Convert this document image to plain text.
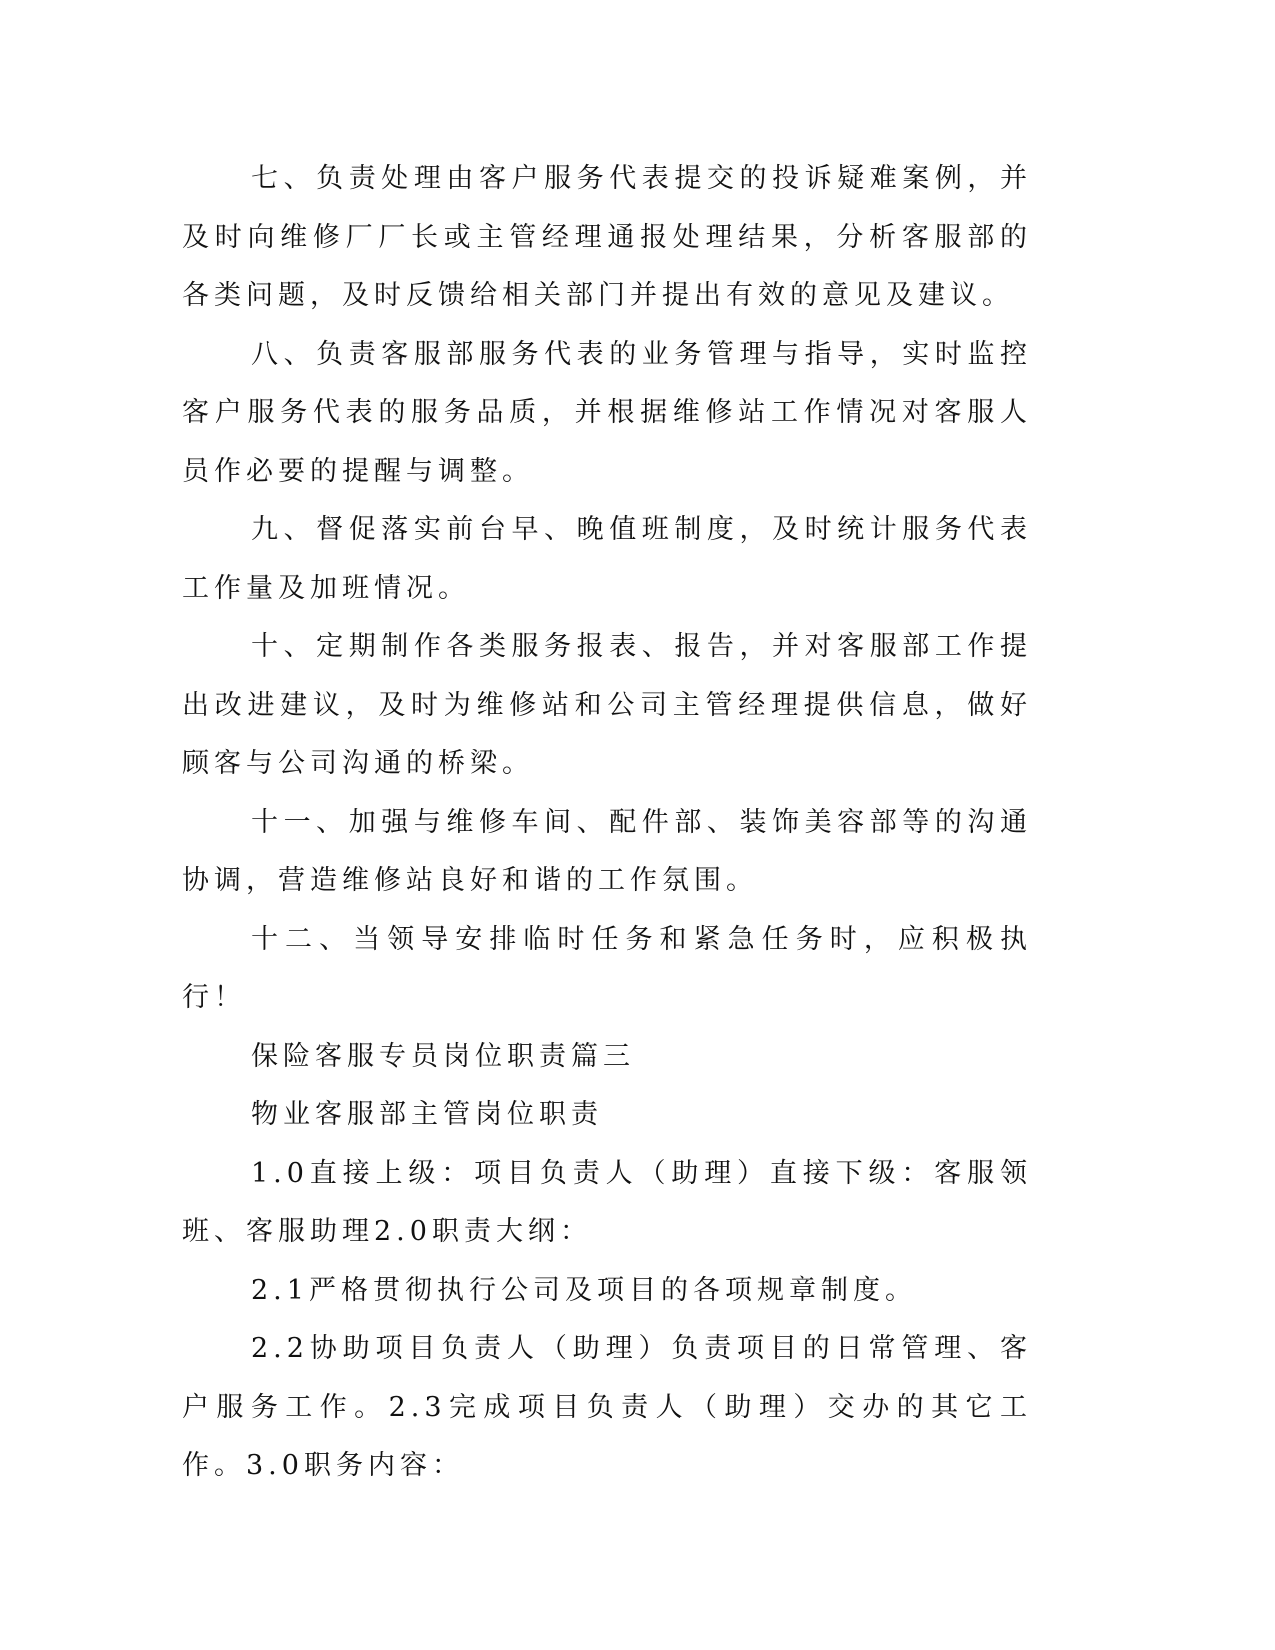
七、负责处理由客户服务代表提交的投诉疑难案例，并及时向维修厂厂长或主管经理通报处理结果，分析客服部的各类问题，及时反馈给相关部门并提出有效的意见及建议。

八、负责客服部服务代表的业务管理与指导，实时监控客户服务代表的服务品质，并根据维修站工作情况对客服人员作必要的提醒与调整。

九、督促落实前台早、晚值班制度，及时统计服务代表工作量及加班情况。

十、定期制作各类服务报表、报告，并对客服部工作提出改进建议，及时为维修站和公司主管经理提供信息，做好顾客与公司沟通的桥梁。

十一、加强与维修车间、配件部、装饰美容部等的沟通协调，营造维修站良好和谐的工作氛围。

十二、当领导安排临时任务和紧急任务时，应积极执行！

保险客服专员岗位职责篇三

物业客服部主管岗位职责

1.0直接上级：项目负责人（助理）直接下级：客服领班、客服助理2.0职责大纲：

2.1严格贯彻执行公司及项目的各项规章制度。

2.2协助项目负责人（助理）负责项目的日常管理、客户服务工作。2.3完成项目负责人（助理）交办的其它工作。3.0职务内容：
